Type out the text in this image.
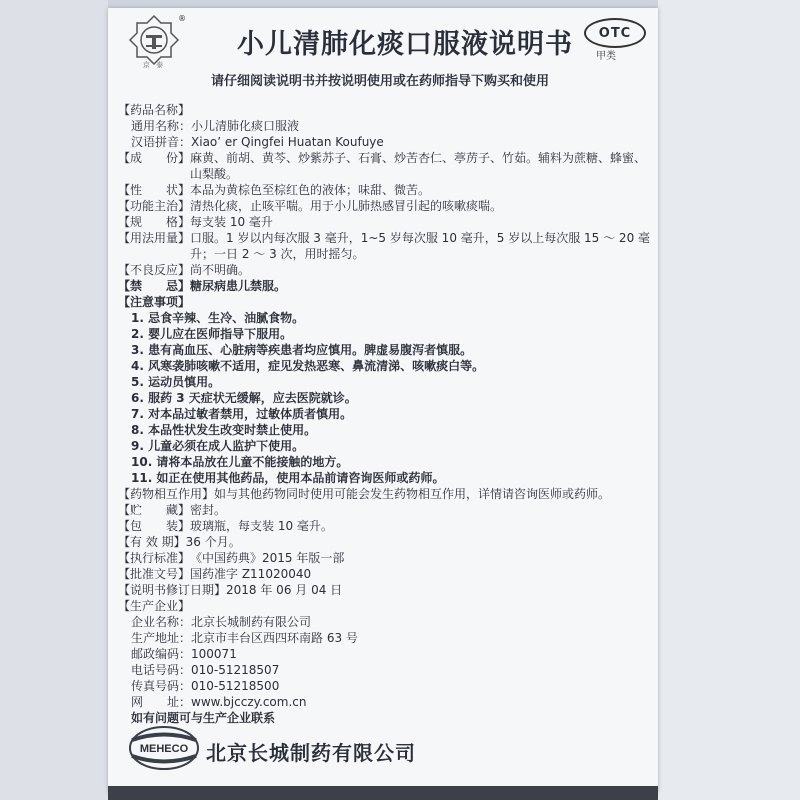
®
京 泰
小儿清肺化痰口服液说明书
请仔细阅读说明书并按说明使用或在药师指导下购买和使用
OTC
甲类
【药品名称】
通用名称： 小儿清肺化痰口服液
汉语拼音： Xiao’ er Qingfei Huatan Koufuye
【成　　份】 麻黄、前胡、黄芩、炒紫苏子、石膏、炒苦杏仁、葶苈子、竹茹。辅料为蔗糖、蜂蜜、山梨酸。
【性　　状】 本品为黄棕色至棕红色的液体；味甜、微苦。
【功能主治】 清热化痰，止咳平喘。用于小儿肺热感冒引起的咳嗽痰喘。
【规　　格】 每支装 10 毫升
【用法用量】 口服。1 岁以内每次服 3 毫升，1~5 岁每次服 10 毫升，5 岁以上每次服 15 ～ 20 毫升；一日 2 ～ 3 次，用时摇匀。
【不良反应】 尚不明确。
【禁　　忌】 糖尿病患儿禁服。
【注意事项】
1. 忌食辛辣、生冷、油腻食物。
2. 婴儿应在医师指导下服用。
3. 患有高血压、心脏病等疾患者均应慎用。脾虚易腹泻者慎服。
4. 风寒袭肺咳嗽不适用，症见发热恶寒、鼻流清涕、咳嗽痰白等。
5. 运动员慎用。
6. 服药 3 天症状无缓解，应去医院就诊。
7. 对本品过敏者禁用，过敏体质者慎用。
8. 本品性状发生改变时禁止使用。
9. 儿童必须在成人监护下使用。
10. 请将本品放在儿童不能接触的地方。
11. 如正在使用其他药品，使用本品前请咨询医师或药师。
【药物相互作用】 如与其他药物同时使用可能会发生药物相互作用，详情请咨询医师或药师。
【贮　　藏】 密封。
【包　　装】 玻璃瓶，每支装 10 毫升。
【有 效 期】 36 个月。
【执行标准】 《中国药典》2015 年版一部
【批准文号】 国药准字 Z11020040
【说明书修订日期】 2018 年 06 月 04 日
【生产企业】
企业名称： 北京长城制药有限公司
生产地址： 北京市丰台区西四环南路 63 号
邮政编码： 100071
电话号码： 010-51218507
传真号码： 010-51218500
网　　址： www.bjcczy.com.cn
如有问题可与生产企业联系
MEHECO 北京长城制药有限公司
